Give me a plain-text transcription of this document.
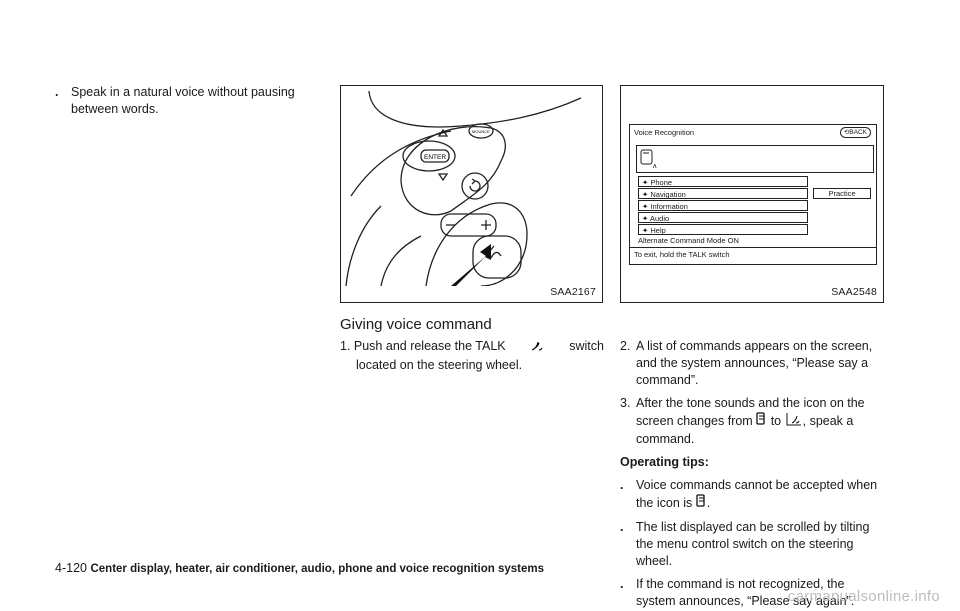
.	Speak in a natural voice without pausing between words.
ENTER
MOUNCE
SAA2167
Voice Recognition	⟲BACK
ᴧ
✦ Phone
✦ Navigation
✦ Information
✦ Audio
✦ Help
Practice
Alternate Command Mode ON
To exit, hold the TALK switch
SAA2548
Giving voice command
1. Push and release the TALK	switch
located on the steering wheel.
2. A list of commands appears on the screen, and the system announces, “Please say a command”.
3. After the tone sounds and the icon on the screen changes from to , speak a command.
Operating tips:
.	Voice commands cannot be accepted when the icon is .
.	The list displayed can be scrolled by tilting the menu control switch on the steering wheel.
.	If the command is not recognized, the system announces, “Please say again”.
4-120 Center display, heater, air conditioner, audio, phone and voice recognition systems
carmanualsonline.info
